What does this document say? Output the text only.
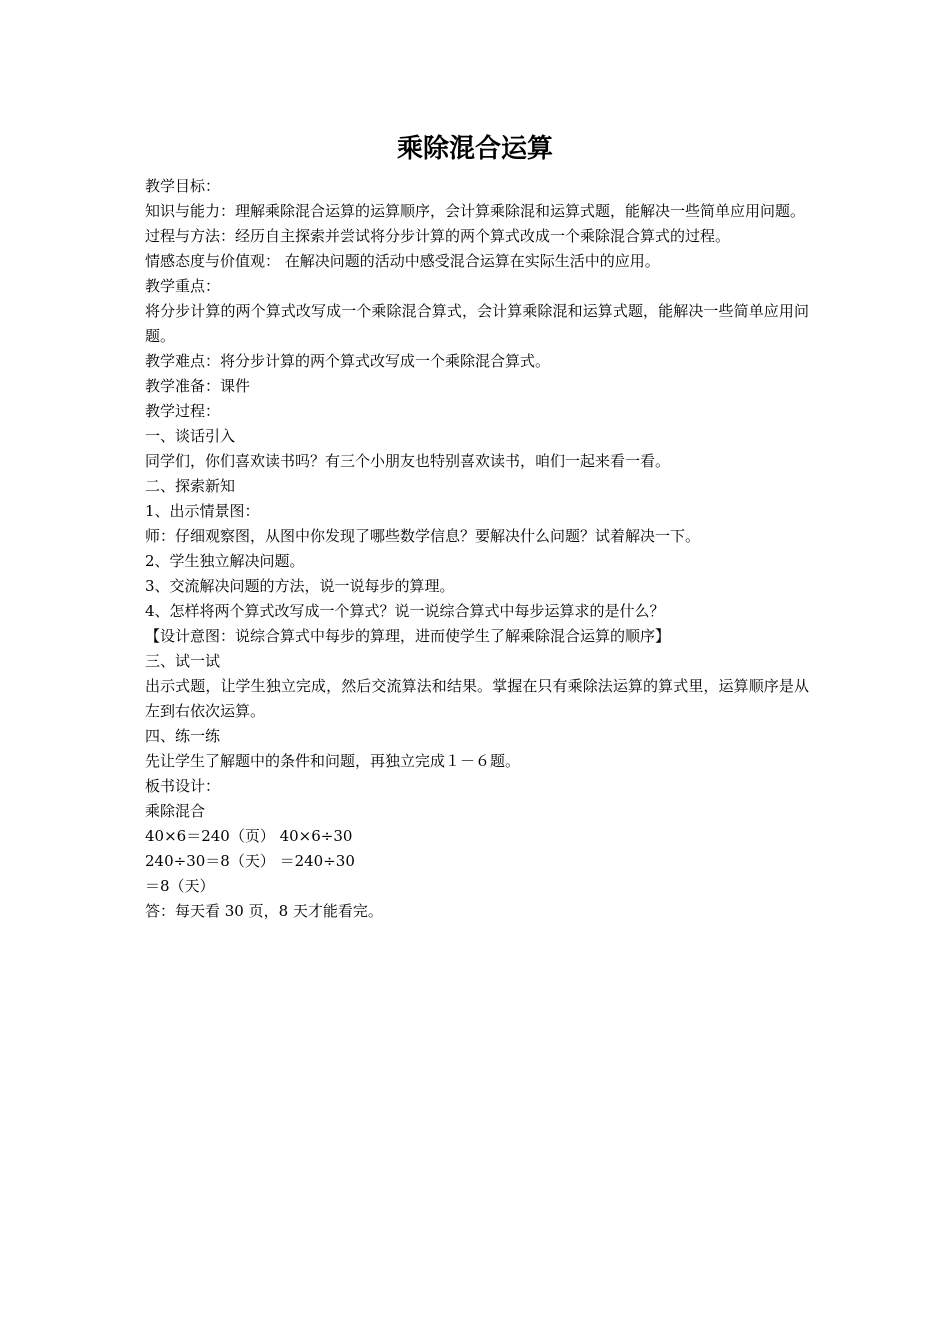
乘除混合运算

教学目标：

知识与能力：理解乘除混合运算的运算顺序，会计算乘除混和运算式题，能解决一些简单应用问题。

过程与方法：经历自主探索并尝试将分步计算的两个算式改成一个乘除混合算式的过程。

情感态度与价值观： 在解决问题的活动中感受混合运算在实际生活中的应用。

教学重点：

将分步计算的两个算式改写成一个乘除混合算式，会计算乘除混和运算式题，能解决一些简单应用问题。

教学难点：将分步计算的两个算式改写成一个乘除混合算式。

教学准备：课件

教学过程：

一、谈话引入

同学们，你们喜欢读书吗？有三个小朋友也特别喜欢读书，咱们一起来看一看。

二、探索新知

1、出示情景图：

师：仔细观察图，从图中你发现了哪些数学信息？要解决什么问题？试着解决一下。

2、学生独立解决问题。

3、交流解决问题的方法，说一说每步的算理。

4、怎样将两个算式改写成一个算式？说一说综合算式中每步运算求的是什么？

【设计意图：说综合算式中每步的算理，进而使学生了解乘除混合运算的顺序】

三、试一试

出示式题，让学生独立完成，然后交流算法和结果。掌握在只有乘除法运算的算式里，运算顺序是从左到右依次运算。

四、练一练

先让学生了解题中的条件和问题，再独立完成１－６题。

板书设计：

乘除混合

40×6＝240（页） 40×6÷30

240÷30＝8（天） ＝240÷30

＝8（天）

答：每天看 30 页，8 天才能看完。
